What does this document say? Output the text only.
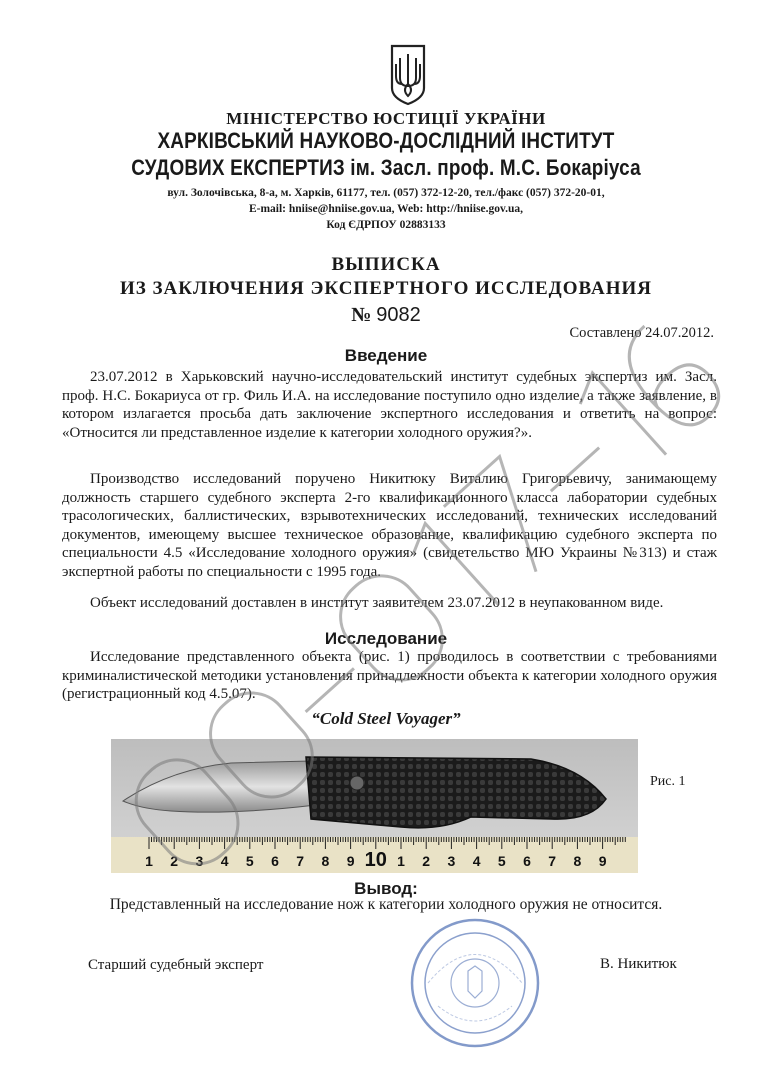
МІНІСТЕРСТВО ЮСТИЦІЇ УКРАЇНИ
ХАРКІВСЬКИЙ НАУКОВО-ДОСЛІДНИЙ ІНСТИТУТ
СУДОВИХ ЕКСПЕРТИЗ ім. Засл. проф. М.С. Бокаріуса
вул. Золочівська, 8-а, м. Харків, 61177, тел. (057) 372-12-20, тел./факс (057) 372-20-01,
E-mail: hniise@hniise.gov.ua, Web: http://hniise.gov.ua,
Код ЄДРПОУ 02883133
ВЫПИСКА
ИЗ ЗАКЛЮЧЕНИЯ ЭКСПЕРТНОГО ИССЛЕДОВАНИЯ
№ 9082
Составлено 24.07.2012.
Введение

23.07.2012 в Харьковский научно-исследовательский институт судебных экспертиз им. Засл. проф. Н.С. Бокариуса от гр. Филь И.А. на исследование поступило одно изделие, а также заявление, в котором излагается просьба дать заключение экспертного исследования и ответить на вопрос: «Относится ли представленное изделие к категории холодного оружия?».

Производство исследований поручено Никитюку Виталию Григорьевичу, занимающему должность старшего судебного эксперта 2-го квалификационного класса лаборатории судебных трасологических, баллистических, взрывотехнических исследований, технических исследований документов, имеющему высшее техническое образование, квалификацию судебного эксперта по специальности 4.5 «Исследование холодного оружия» (свидетельство МЮ Украины №313) и стаж экспертной работы по специальности с 1995 года.

Объект исследований доставлен в институт заявителем 23.07.2012 в неупакованном виде.

Исследование

Исследование представленного объекта (рис. 1) проводилось в соответствии с требованиями криминалистической методики установления принадлежности объекта к категории холодного оружия (регистрационный код 4.5.07).

“Cold Steel Voyager”
1 2 3 4 5 6 7 8 9 10 1 2 3 4 5 6 7 8 9
Рис. 1
Вывод:
Представленный на исследование нож к категории холодного оружия не относится.
Старший судебный эксперт	В. Никитюк
